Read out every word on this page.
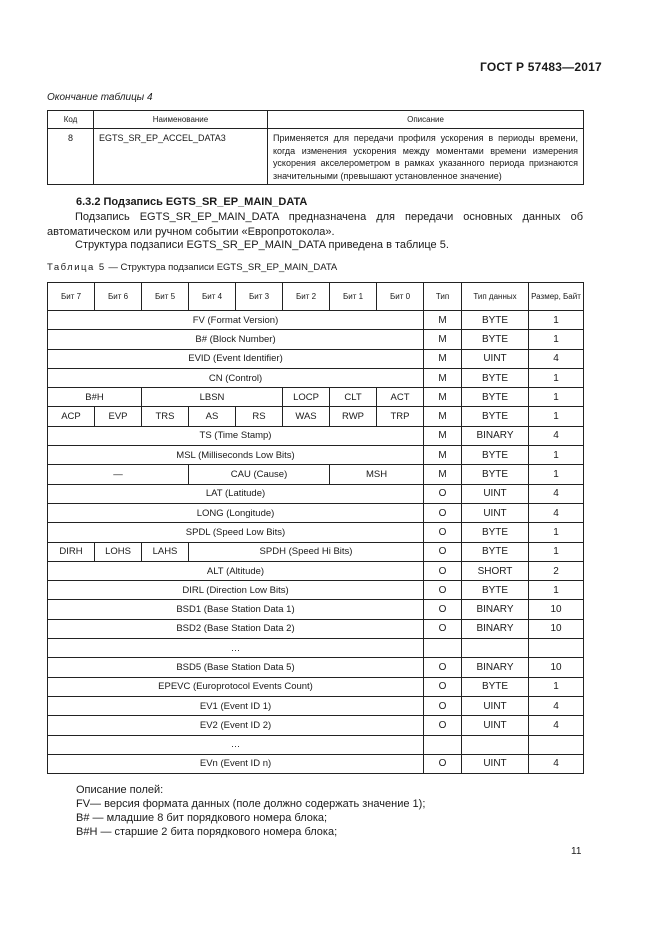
ГОСТ Р 57483—2017
Окончание таблицы 4
Код	Наименование	Описание
8	EGTS_SR_EP_ACCEL_DATA3	Применяется для передачи профиля ускорения в периоды времени, когда изменения ускорения между моментами времени измерения ускорения акселерометром в рамках указанного периода признаются значительными (превышают установленное значение)
6.3.2 Подзапись EGTS_SR_EP_MAIN_DATA
Подзапись EGTS_SR_EP_MAIN_DATA предназначена для передачи основных данных об автоматическом или ручном событии «Европротокола».
Структура подзаписи EGTS_SR_EP_MAIN_DATA приведена в таблице 5.
Таблица 5 — Структура подзаписи EGTS_SR_EP_MAIN_DATA
Бит 7	Бит 6	Бит 5	Бит 4	Бит 3	Бит 2	Бит 1	Бит 0	Тип	Тип данных	Размер, Байт
FV (Format Version)								M	BYTE	1
B# (Block Number)								M	BYTE	1
EVID (Event Identifier)								M	UINT	4
CN (Control)								M	BYTE	1
B#H		LBSN			LOCP	CLT	ACT	M	BYTE	1
ACP	EVP	TRS	AS	RS	WAS	RWP	TRP	M	BYTE	1
TS (Time Stamp)								M	BINARY	4
MSL (Milliseconds Low Bits)								M	BYTE	1
—			CAU (Cause)			MSH		M	BYTE	1
LAT (Latitude)								O	UINT	4
LONG (Longitude)								O	UINT	4
SPDL (Speed Low Bits)								O	BYTE	1
DIRH	LOHS	LAHS	SPDH (Speed Hi Bits)					O	BYTE	1
ALT (Altitude)								O	SHORT	2
DIRL (Direction Low Bits)								O	BYTE	1
BSD1 (Base Station Data 1)								O	BINARY	10
BSD2 (Base Station Data 2)								O	BINARY	10
…										
BSD5 (Base Station Data 5)								O	BINARY	10
EPEVC (Europrotocol Events Count)								O	BYTE	1
EV1 (Event ID 1)								O	UINT	4
EV2 (Event ID 2)								O	UINT	4
…										
EVn (Event ID n)								O	UINT	4
Описание полей:
FV— версия формата данных (поле должно содержать значение 1);
B# — младшие 8 бит порядкового номера блока;
B#H — старшие 2 бита порядкового номера блока;
11
